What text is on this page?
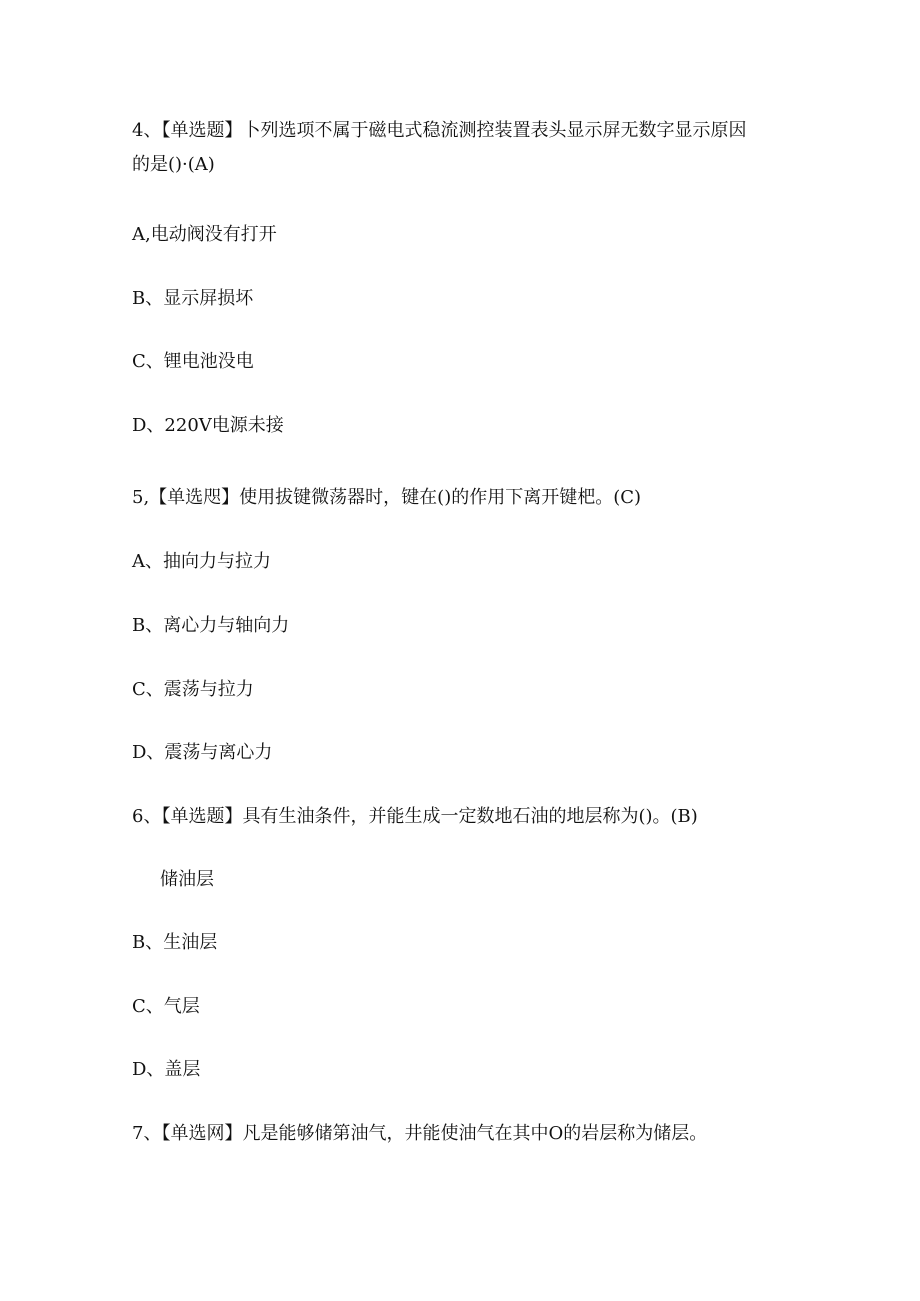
4、【单选题】卜列选项不属于磁电式稳流测控装置表头显示屏无数字显示原因
的是()·(A)
A,电动阀没有打开
B、显示屏损坏
C、锂电池没电
D、220V电源未接
5,【单选咫】使用拔键微荡器时，键在()的作用下离开键杷。(C)
A、抽向力与拉力
B、离心力与轴向力
C、震荡与拉力
D、震荡与离心力
6、【单选题】具有生油条件，并能生成一定数地石油的地层称为()。(B)
储油层
B、生油层
C、气层
D、盖层
7、【单选网】凡是能够储第油气，井能使油气在其中O的岩层称为储层。
